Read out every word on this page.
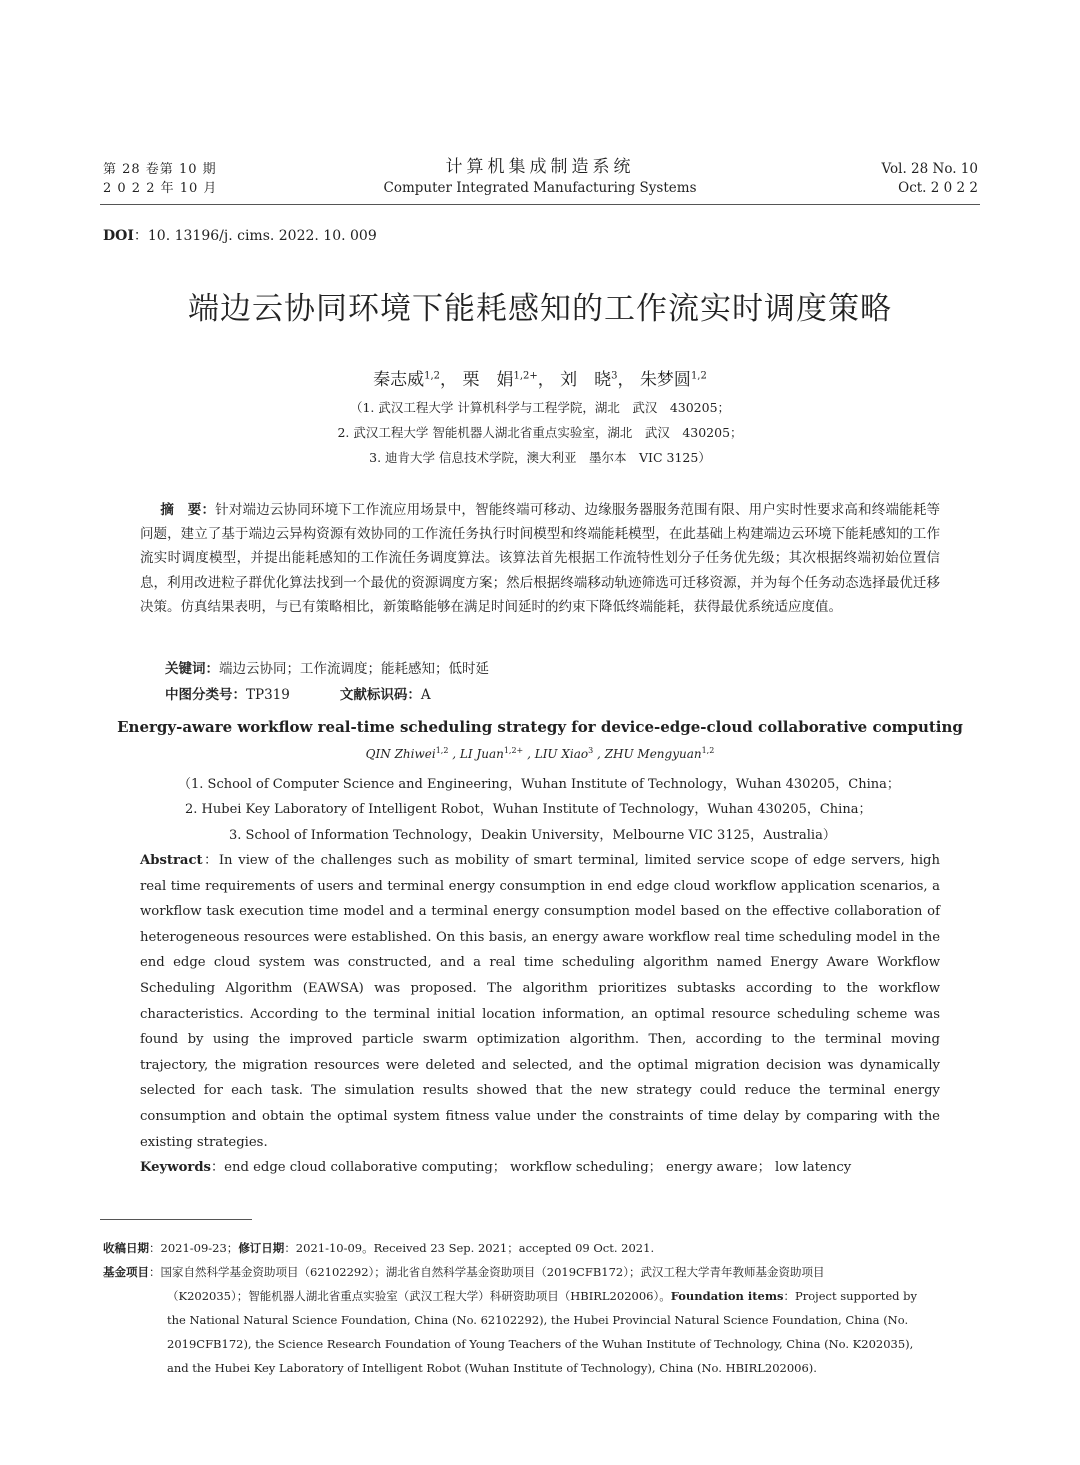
第 28 卷第 10 期
2 0 2 2 年 10 月
计算机集成制造系统
Computer Integrated Manufacturing Systems
Vol. 28 No. 10
Oct. 2 0 2 2
DOI：10. 13196/j. cims. 2022. 10. 009
端边云协同环境下能耗感知的工作流实时调度策略
秦志威$^{1,2}$， 栗　娟$^{1,2+}$， 刘　晓$^3$， 朱梦圆$^{1,2}$
（1. 武汉工程大学 计算机科学与工程学院，湖北　武汉　430205；
2. 武汉工程大学 智能机器人湖北省重点实验室，湖北　武汉　430205；
3. 迪肯大学 信息技术学院，澳大利亚　墨尔本　VIC 3125）
  摘　要：针对端边云协同环境下工作流应用场景中，智能终端可移动、边缘服务器服务范围有限、用户实时性要求高和终端能耗等问题，建立了基于端边云异构资源有效协同的工作流任务执行时间模型和终端能耗模型，在此基础上构建端边云环境下能耗感知的工作流实时调度模型，并提出能耗感知的工作流任务调度算法。该算法首先根据工作流特性划分子任务优先级；其次根据终端初始位置信息，利用改进粒子群优化算法找到一个最优的资源调度方案；然后根据终端移动轨迹筛选可迁移资源，并为每个任务动态选择最优迁移决策。仿真结果表明，与已有策略相比，新策略能够在满足时间延时的约束下降低终端能耗，获得最优系统适应度值。
关键词：端边云协同；工作流调度；能耗感知；低时延
中图分类号：TP319	文献标识码：A
Energy-aware workflow real-time scheduling strategy for device-edge-cloud collaborative computing
QIN Zhiwei$^{1,2}$ , LI Juan$^{1,2+}$ , LIU Xiao$^3$ , ZHU Mengyuan$^{1,2}$
（1. School of Computer Science and Engineering，Wuhan Institute of Technology，Wuhan 430205，China；
2. Hubei Key Laboratory of Intelligent Robot，Wuhan Institute of Technology，Wuhan 430205，China；
3. School of Information Technology，Deakin University，Melbourne VIC 3125，Australia）
Abstract：In view of the challenges such as mobility of smart terminal, limited service scope of edge servers, high real time requirements of users and terminal energy consumption in end edge cloud workflow application scenarios, a workflow task execution time model and a terminal energy consumption model based on the effective collaboration of heterogeneous resources were established. On this basis, an energy aware workflow real time scheduling model in the end edge cloud system was constructed, and a real time scheduling algorithm named Energy Aware Workflow Scheduling Algorithm (EAWSA) was proposed. The algorithm prioritizes subtasks according to the workflow characteristics. According to the terminal initial location information, an optimal resource scheduling scheme was found by using the improved particle swarm optimization algorithm. Then, according to the terminal moving trajectory, the migration resources were deleted and selected, and the optimal migration decision was dynamically selected for each task. The simulation results showed that the new strategy could reduce the terminal energy consumption and obtain the optimal system fitness value under the constraints of time delay by comparing with the existing strategies.
Keywords：end edge cloud collaborative computing； workflow scheduling； energy aware； low latency
收稿日期：2021-09-23；修订日期：2021-10-09。Received 23 Sep. 2021；accepted 09 Oct. 2021.
基金项目：国家自然科学基金资助项目（62102292）；湖北省自然科学基金资助项目（2019CFB172）；武汉工程大学青年教师基金资助项目
（K202035）；智能机器人湖北省重点实验室（武汉工程大学）科研资助项目（HBIRL202006）。Foundation items：Project supported by
the National Natural Science Foundation, China (No. 62102292), the Hubei Provincial Natural Science Foundation, China (No.
2019CFB172), the Science Research Foundation of Young Teachers of the Wuhan Institute of Technology, China (No. K202035),
and the Hubei Key Laboratory of Intelligent Robot (Wuhan Institute of Technology), China (No. HBIRL202006).
